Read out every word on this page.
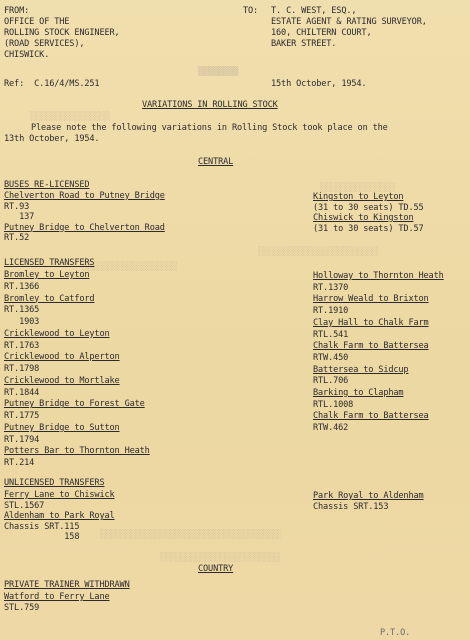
▒▒▒▒▒▒▒▒
░░░░░░░░░░░░░░░░
░░░░░░░░░░░░░░░
░░░░░░░░░░░░░░░░░░░░░░░░
░░░░░░░░░░░░░░░░░░░
░░░░░░░░░░░░░░░░░░░░░░░░░░░░░░░░░░░░
░░░░░░░░░░░░░░░░░░░░░░░░
FROM:
OFFICE OF THE
ROLLING STOCK ENGINEER,
(ROAD SERVICES),
CHISWICK.
TO: T. C. WEST, ESQ.,
ESTATE AGENT & RATING SURVEYOR,
160, CHILTERN COURT,
BAKER STREET.
Ref:  C.16/4/MS.251	15th October, 1954.
VARIATIONS IN ROLLING STOCK
Please note the following variations in Rolling Stock took place on the
13th October, 1954.
CENTRAL
BUSES RE-LICENSED
Chelverton Road to Putney Bridge
RT.93
137
Putney Bridge to Chelverton Road
RT.52
Kingston to Leyton
(31 to 30 seats) TD.55
Chiswick to Kingston
(31 to 30 seats) TD.57
LICENSED TRANSFERS
Bromley to Leyton
RT.1366
Bromley to Catford
RT.1365
1903
Cricklewood to Leyton
RT.1763
Cricklewood to Alperton
RT.1798
Cricklewood to Mortlake
RT.1844
Putney Bridge to Forest Gate
RT.1775
Putney Bridge to Sutton
RT.1794
Potters Bar to Thornton Heath
RT.214
Holloway to Thornton Heath
RT.1370
Harrow Weald to Brixton
RT.1910
Clay Hall to Chalk Farm
RTL.541
Chalk Farm to Battersea
RTW.450
Battersea to Sidcup
RTL.706
Barking to Clapham
RTL.1008
Chalk Farm to Battersea
RTW.462
UNLICENSED TRANSFERS
Ferry Lane to Chiswick
STL.1567
Aldenham to Park Royal
Chassis SRT.115
158
Park Royal to Aldenham
Chassis SRT.153
COUNTRY
PRIVATE TRAINER WITHDRAWN
Watford to Ferry Lane
STL.759
P.T.O.
